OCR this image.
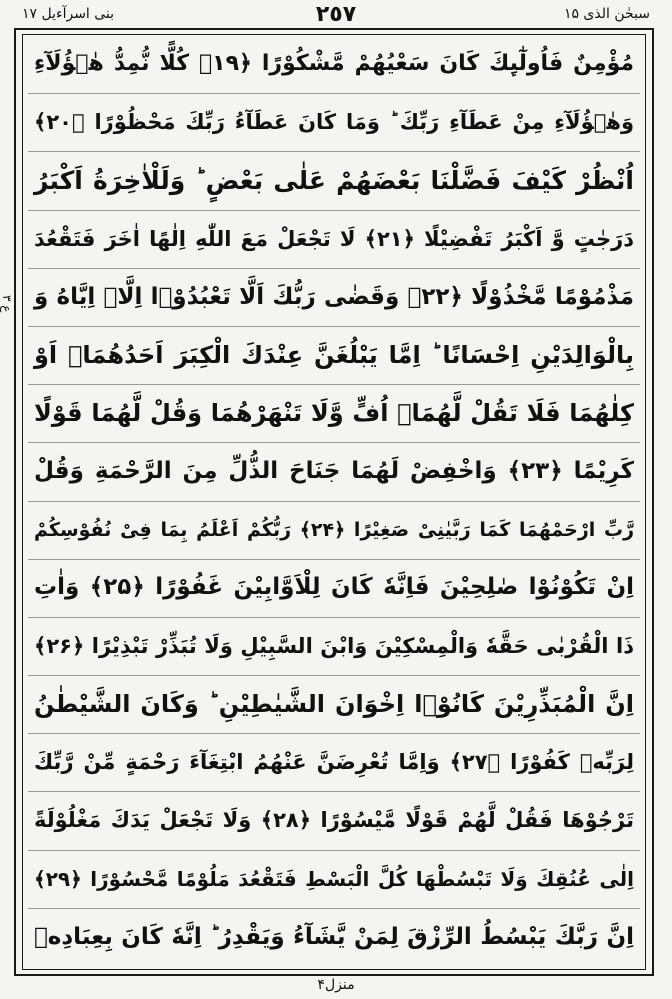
سبحٰن الذی ۱۵
٢٥٧
بنی اسرآءیل ۱۷
ع ٣
مُؤْمِنٌ فَاُولٰٓىِٕكَ كَانَ سَعْیُهُمْ مَّشْكُوْرًا ﴿۱۹﴾ كُلًّا نُّمِدُّ هٰۤؤُلَآءِ
وَهٰۤؤُلَآءِ مِنْ عَطَآءِ رَبِّكَ ؕ وَمَا كَانَ عَطَآءُ رَبِّكَ مَحْظُوْرًا ﴿۲۰﴾
اُنْظُرْ كَیْفَ فَضَّلْنَا بَعْضَهُمْ عَلٰى بَعْضٍ ؕ وَلَلْاٰخِرَةُ اَكْبَرُ
دَرَجٰتٍ وَّ اَكْبَرُ تَفْضِیْلًا ﴿۲۱﴾ لَا تَجْعَلْ مَعَ اللّٰهِ اِلٰهًا اٰخَرَ فَتَقْعُدَ
مَذْمُوْمًا مَّخْذُوْلًا ﴿۲۲﴾ وَقَضٰى رَبُّكَ اَلَّا تَعْبُدُوْۤا اِلَّاۤ اِیَّاهُ وَ
بِالْوَالِدَیْنِ اِحْسَانًا ؕ اِمَّا یَبْلُغَنَّ عِنْدَكَ الْكِبَرَ اَحَدُهُمَاۤ اَوْ
كِلٰهُمَا فَلَا تَقُلْ لَّهُمَاۤ اُفٍّ وَّلَا تَنْهَرْهُمَا وَقُلْ لَّهُمَا قَوْلًا
كَرِیْمًا ﴿۲۳﴾ وَاخْفِضْ لَهُمَا جَنَاحَ الذُّلِّ مِنَ الرَّحْمَةِ وَقُلْ
رَّبِّ ارْحَمْهُمَا كَمَا رَبَّیٰنِیْ صَغِیْرًا ﴿۲۴﴾ رَبُّكُمْ اَعْلَمُ بِمَا فِیْ نُفُوْسِكُمْ
اِنْ تَكُوْنُوْا صٰلِحِیْنَ فَاِنَّهٗ كَانَ لِلْاَوَّابِیْنَ غَفُوْرًا ﴿۲۵﴾ وَاٰتِ
ذَا الْقُرْبٰى حَقَّهٗ وَالْمِسْكِیْنَ وَابْنَ السَّبِیْلِ وَلَا تُبَذِّرْ تَبْذِیْرًا ﴿۲۶﴾
اِنَّ الْمُبَذِّرِیْنَ كَانُوْۤا اِخْوَانَ الشَّیٰطِیْنِ ؕ وَكَانَ الشَّیْطٰنُ
لِرَبِّهٖ كَفُوْرًا ﴿۲۷﴾ وَاِمَّا تُعْرِضَنَّ عَنْهُمُ ابْتِغَآءَ رَحْمَةٍ مِّنْ رَّبِّكَ
تَرْجُوْهَا فَقُلْ لَّهُمْ قَوْلًا مَّیْسُوْرًا ﴿۲۸﴾ وَلَا تَجْعَلْ یَدَكَ مَغْلُوْلَةً
اِلٰى عُنُقِكَ وَلَا تَبْسُطْهَا كُلَّ الْبَسْطِ فَتَقْعُدَ مَلُوْمًا مَّحْسُوْرًا ﴿۲۹﴾
اِنَّ رَبَّكَ یَبْسُطُ الرِّزْقَ لِمَنْ یَّشَآءُ وَیَقْدِرُ ؕ اِنَّهٗ كَانَ بِعِبَادِهٖ
منزل۴
